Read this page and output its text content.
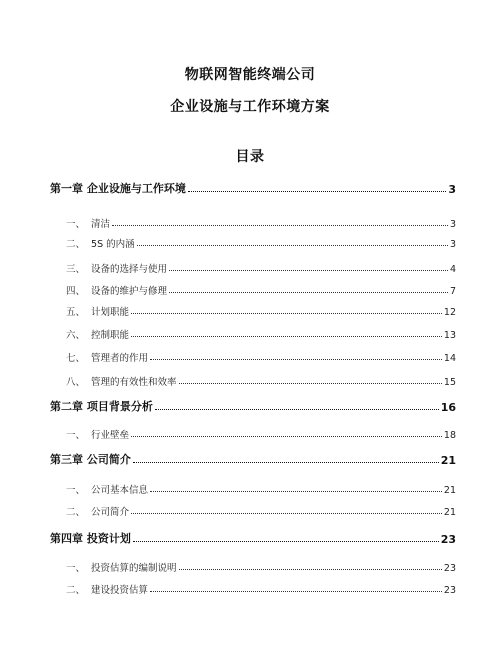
物联网智能终端公司
企业设施与工作环境方案
目录
第一章 企业设施与工作环境	3
一、 清洁	3
二、 5S 的内涵	3
三、 设备的选择与使用	4
四、 设备的维护与修理	7
五、 计划职能	12
六、 控制职能	13
七、 管理者的作用	14
八、 管理的有效性和效率	15
第二章 项目背景分析	16
一、 行业壁垒	18
第三章 公司简介	21
一、 公司基本信息	21
二、 公司简介	21
第四章 投资计划	23
一、 投资估算的编制说明	23
二、 建设投资估算	23
